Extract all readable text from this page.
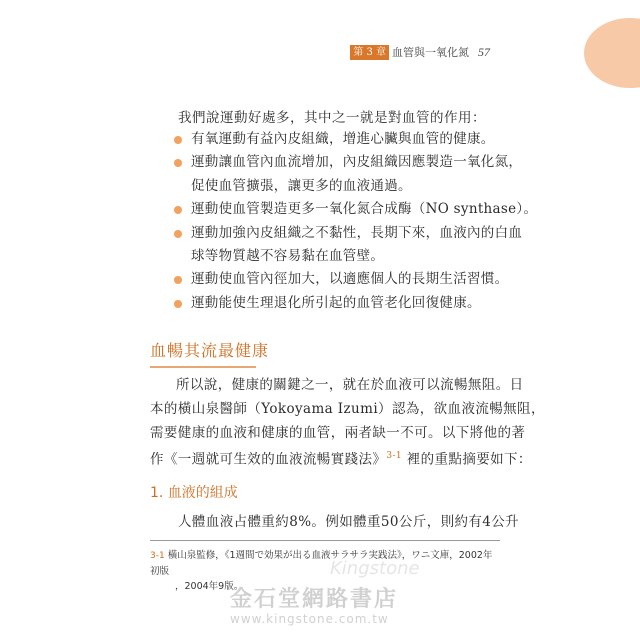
第 3 章 血管與一氧化氮 57
我們說運動好處多，其中之一就是對血管的作用：
有氧運動有益內皮組織，增進心臟與血管的健康。
運動讓血管內血流增加，內皮組織因應製造一氧化氮，
促使血管擴張，讓更多的血液通過。
運動使血管製造更多一氧化氮合成酶（NO synthase）。
運動加強內皮組織之不黏性，長期下來，血液內的白血
球等物質越不容易黏在血管壁。
運動使血管內徑加大，以適應個人的長期生活習慣。
運動能使生理退化所引起的血管老化回復健康。
血暢其流最健康
所以說，健康的關鍵之一，就在於血液可以流暢無阻。日
本的橫山泉醫師（Yokoyama Izumi）認為，欲血液流暢無阻，
需要健康的血液和健康的血管，兩者缺一不可。以下將他的著
作《一週就可生效的血液流暢實踐法》$^{3-1}$ 裡的重點摘要如下：
1. 血液的組成
人體血液占體重約8%。例如體重50公斤，則約有4公升
3-1 橫山泉監修，《1週間で効果が出る血液サラサラ実践法》，ワニ文庫，2002年初版
，2004年9版。
Kingstone
金石堂網路書店
www.kingstone.com.tw
